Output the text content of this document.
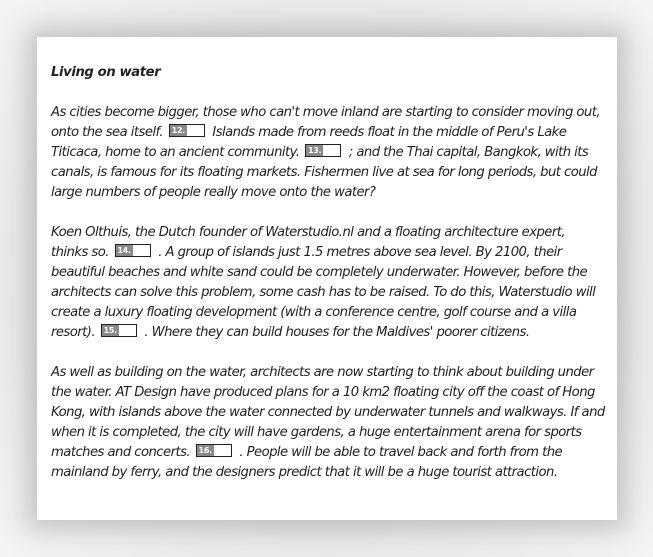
Living on water
As cities become bigger, those who can't move inland are starting to consider moving out, onto the sea itself. 12. Islands made from reeds float in the middle of Peru's Lake Titicaca, home to an ancient community. 13. ; and the Thai capital, Bangkok, with its canals, is famous for its floating markets. Fishermen live at sea for long periods, but could large numbers of people really move onto the water?
Koen Olthuis, the Dutch founder of Waterstudio.nl and a floating architecture expert, thinks so. 14. . A group of islands just 1.5 metres above sea level. By 2100, their beautiful beaches and white sand could be completely underwater. However, before the architects can solve this problem, some cash has to be raised. To do this, Waterstudio will create a luxury floating development (with a conference centre, golf course and a villa resort). 15. . Where they can build houses for the Maldives' poorer citizens.
As well as building on the water, architects are now starting to think about building under the water. AT Design have produced plans for a 10 km2 floating city off the coast of Hong Kong, with islands above the water connected by underwater tunnels and walkways. If and when it is completed, the city will have gardens, a huge entertainment arena for sports matches and concerts. 16. . People will be able to travel back and forth from the mainland by ferry, and the designers predict that it will be a huge tourist attraction.
